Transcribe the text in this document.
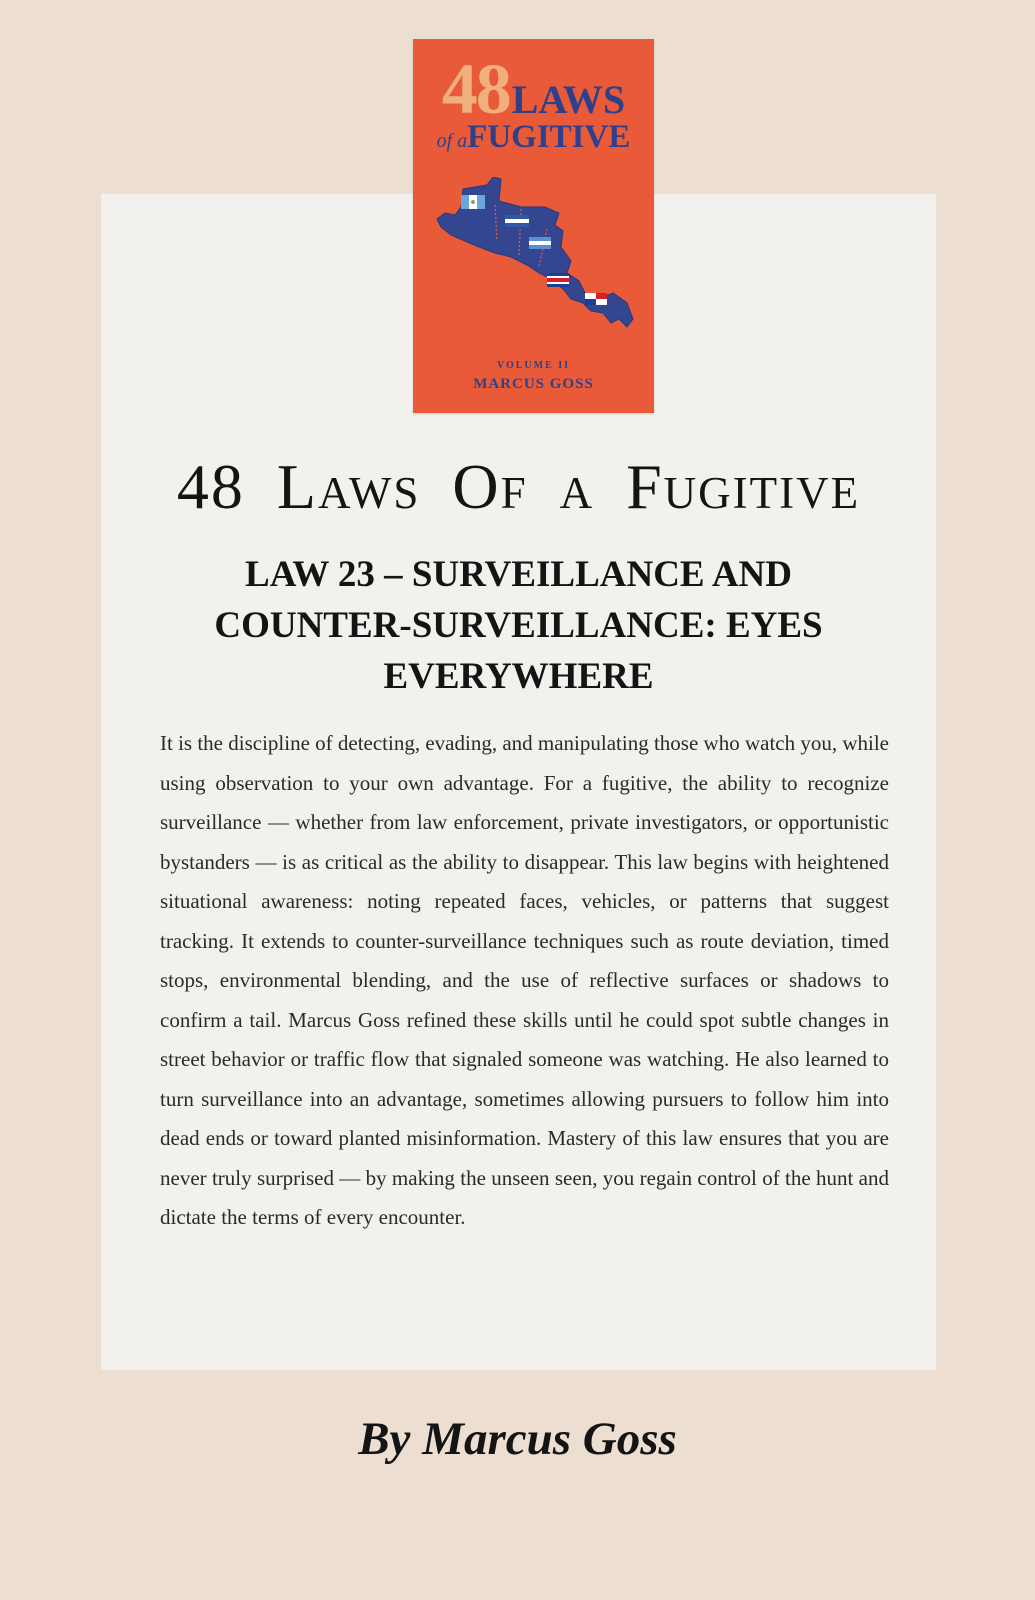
48LAWS
of aFUGITIVE
VOLUME II
MARCUS GOSS
48 Laws Of a Fugitive
LAW 23 – SURVEILLANCE AND COUNTER-SURVEILLANCE: EYES EVERYWHERE

It is the discipline of detecting, evading, and manipulating those who watch you, while using observation to your own advantage. For a fugitive, the ability to recognize surveillance — whether from law enforcement, private investigators, or opportunistic bystanders — is as critical as the ability to disappear. This law begins with heightened situational awareness: noting repeated faces, vehicles, or patterns that suggest tracking. It extends to counter-surveillance techniques such as route deviation, timed stops, environmental blending, and the use of reflective surfaces or shadows to confirm a tail. Marcus Goss refined these skills until he could spot subtle changes in street behavior or traffic flow that signaled someone was watching. He also learned to turn surveillance into an advantage, sometimes allowing pursuers to follow him into dead ends or toward planted misinformation. Mastery of this law ensures that you are never truly surprised — by making the unseen seen, you regain control of the hunt and dictate the terms of every encounter.

By Marcus Goss
